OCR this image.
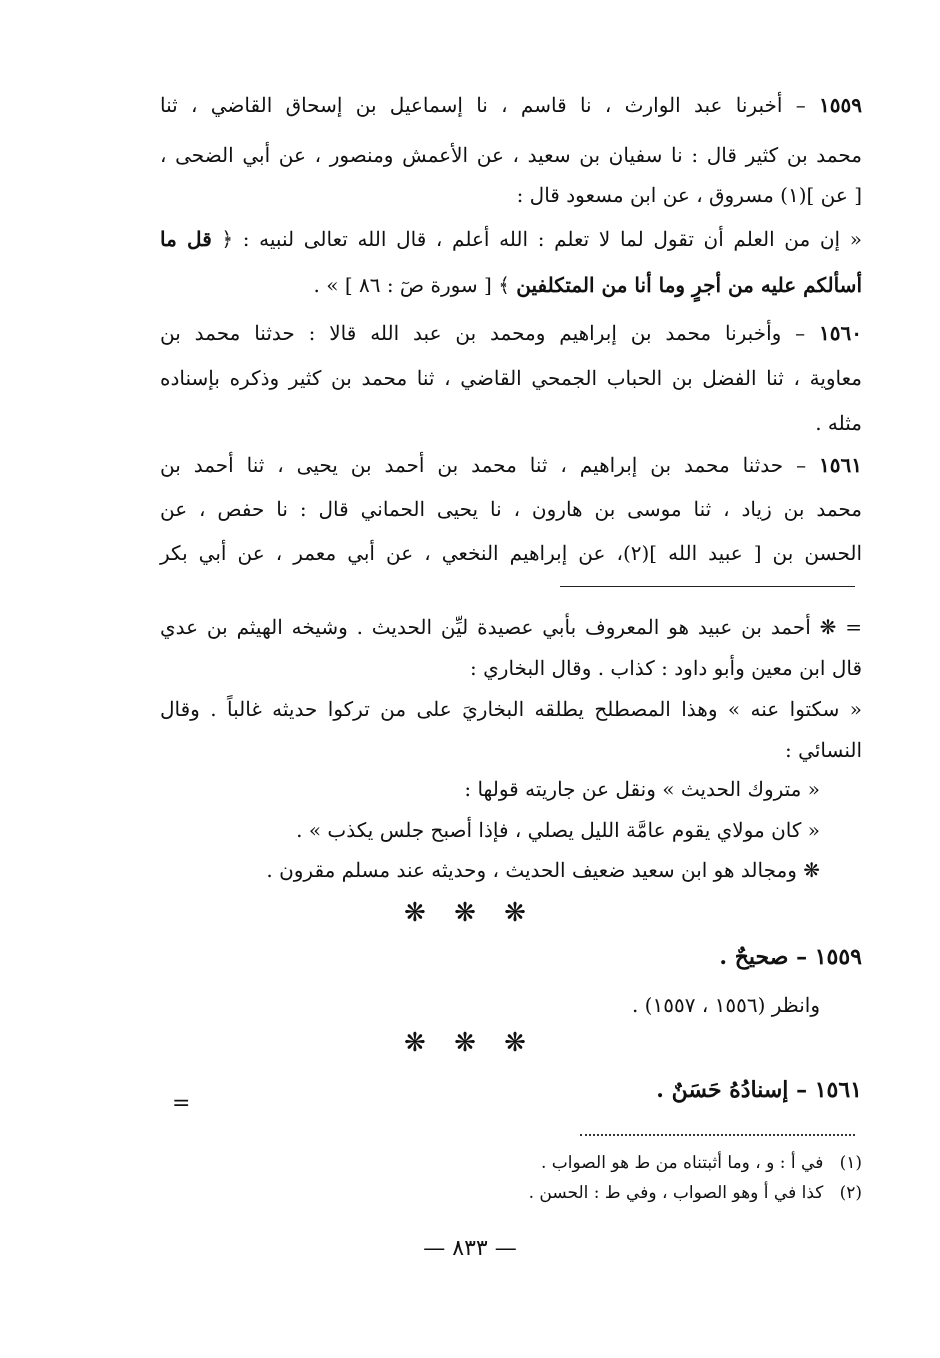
١٥٥٩ – أخبرنا عبد الوارث ، نا قاسم ، نا إسماعيل بن إسحاق القاضي ، ثنا
محمد بن كثير قال : نا سفيان بن سعيد ، عن الأعمش ومنصور ، عن أبي الضحى ،
[ عن ](١) مسروق ، عن ابن مسعود قال :
« إن من العلم أن تقول لما لا تعلم : الله أعلم ، قال الله تعالى لنبيه : ﴿ قل ما
أسألكم عليه من أجرٍ وما أنا من المتكلفين ﴾ [ سورة صٓ : ٨٦ ] » .
١٥٦٠ – وأخبرنا محمد بن إبراهيم ومحمد بن عبد الله قالا : حدثنا محمد بن
معاوية ، ثنا الفضل بن الحباب الجمحي القاضي ، ثنا محمد بن كثير وذكره بإسناده
مثله .
١٥٦١ – حدثنا محمد بن إبراهيم ، ثنا محمد بن أحمد بن يحيى ، ثنا أحمد بن
محمد بن زياد ، ثنا موسى بن هارون ، نا يحيى الحماني قال : نا حفص ، عن
الحسن بن [ عبيد الله ](٢)، عن إبراهيم النخعي ، عن أبي معمر ، عن أبي بكر
= ❋ أحمد بن عبيد هو المعروف بأبي عصيدة ليِّن الحديث . وشيخه الهيثم بن عدي
قال ابن معين وأبو داود : كذاب . وقال البخاري :
« سكتوا عنه » وهذا المصطلح يطلقه البخاريَ على من تركوا حديثه غالباً . وقال
النسائي :
« متروك الحديث » ونقل عن جاريته قولها :
« كان مولاي يقوم عامَّة الليل يصلي ، فإذا أصبح جلس يكذب » .
❋ ومجالد هو ابن سعيد ضعيف الحديث ، وحديثه عند مسلم مقرون .
❋ ❋ ❋
١٥٥٩ – صحيحٌ .
وانظر (١٥٥٦ ، ١٥٥٧) .
❋ ❋ ❋
١٥٦١ – إسنادُهُ حَسَنٌ .
=
(١)   في أ : و ، وما أثبتناه من ط هو الصواب .
(٢)   كذا في أ وهو الصواب ، وفي ط : الحسن .
— ٨٣٣ —
